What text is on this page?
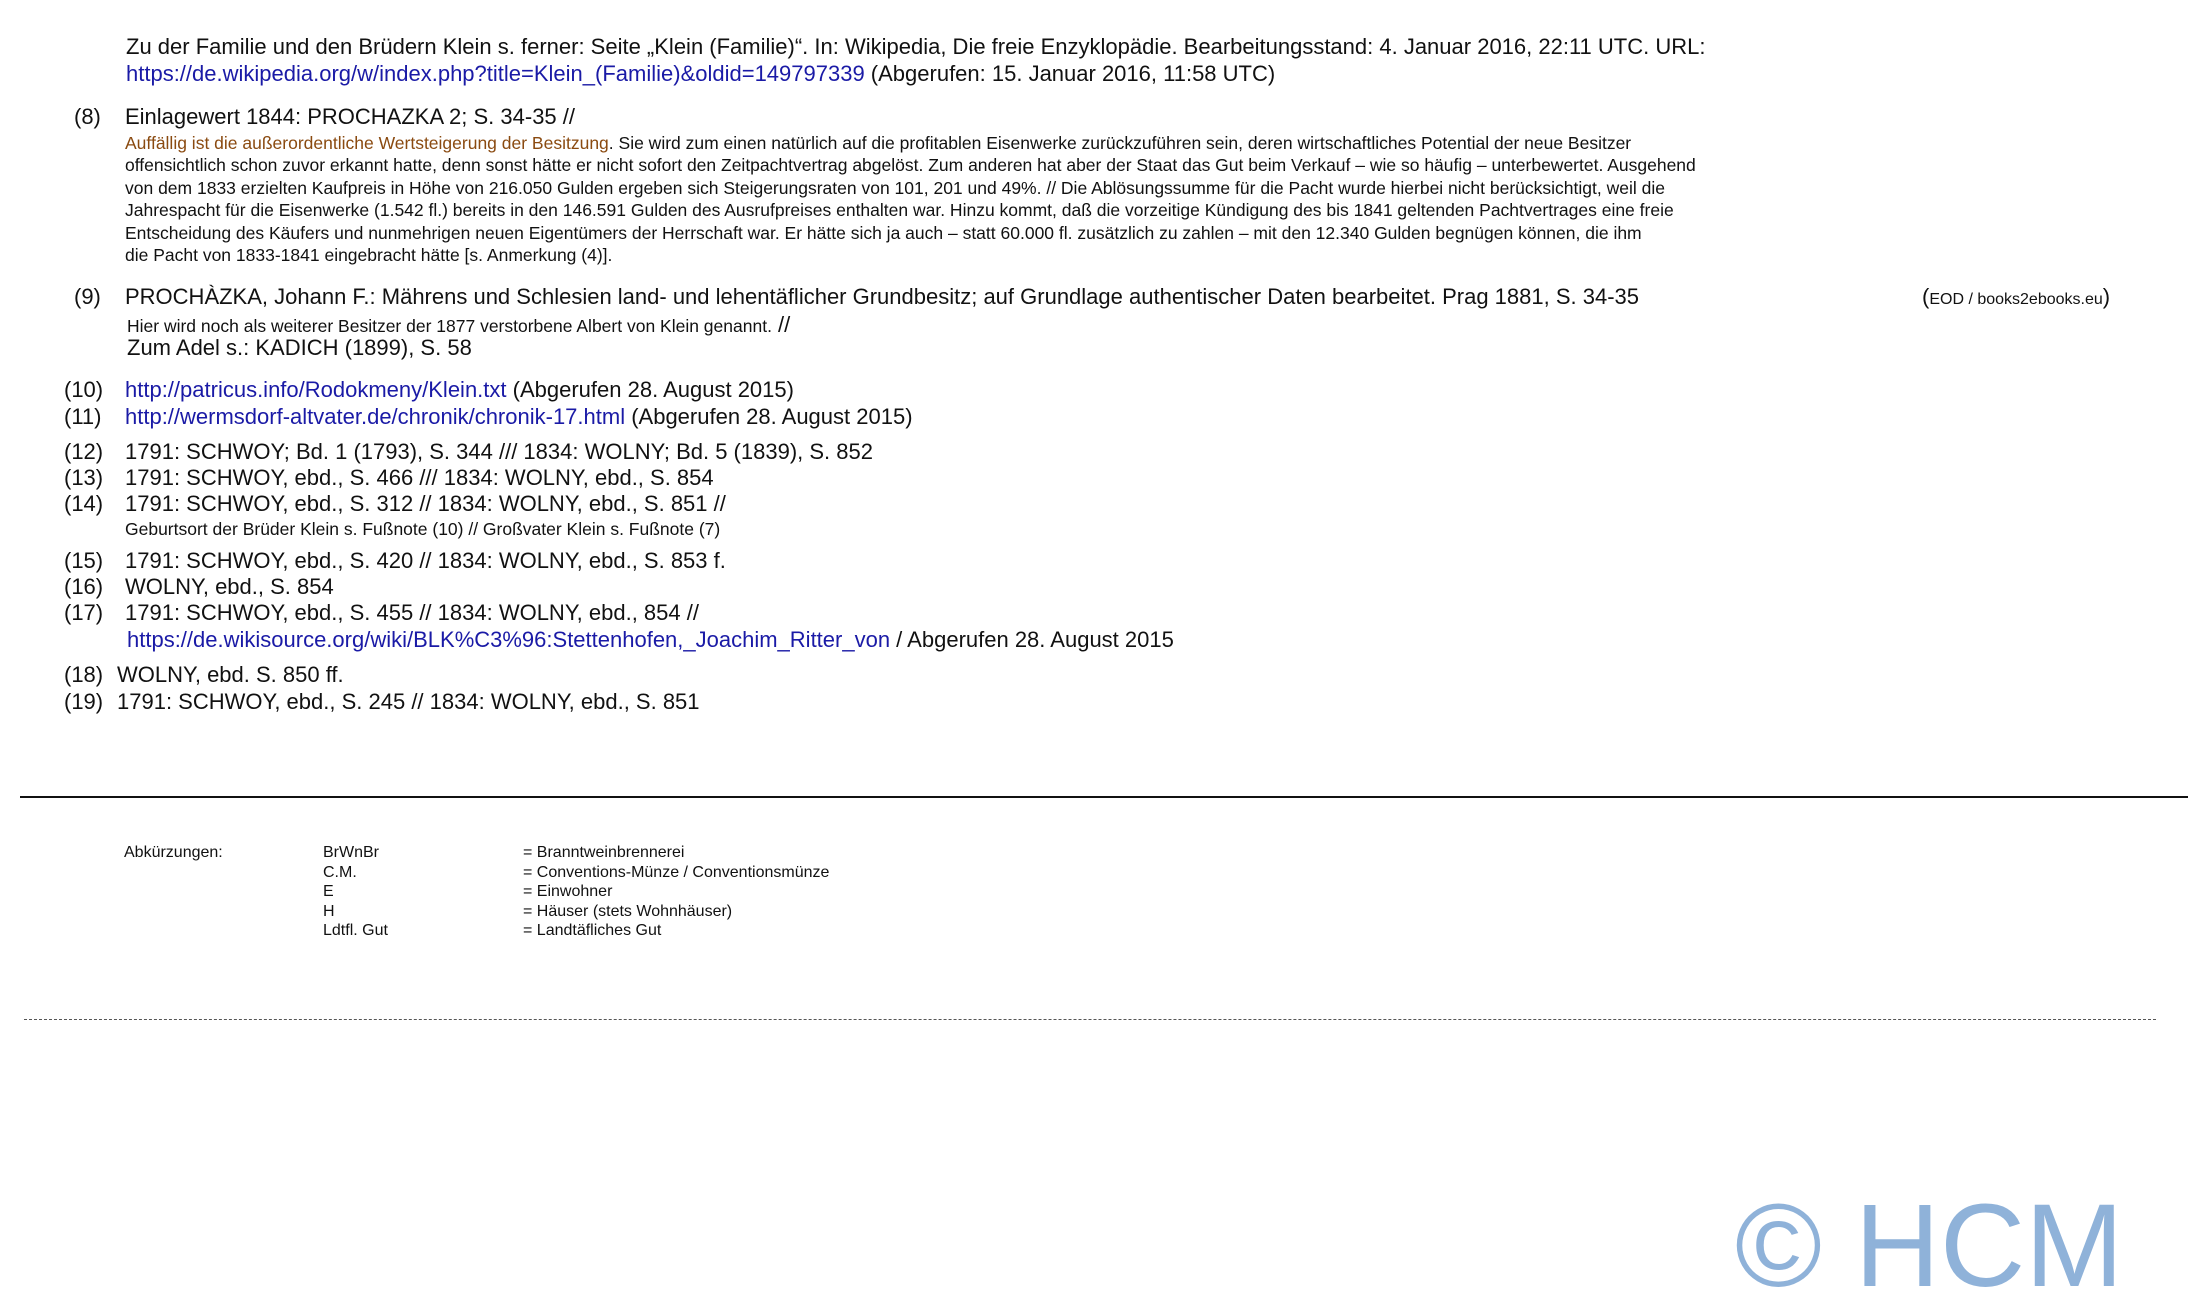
Zu der Familie und den Brüdern Klein s. ferner: Seite „Klein (Familie)“. In: Wikipedia, Die freie Enzyklopädie. Bearbeitungsstand: 4. Januar 2016, 22:11 UTC. URL:
https://de.wikipedia.org/w/index.php?title=Klein_(Familie)&oldid=149797339 (Abgerufen: 15. Januar 2016, 11:58 UTC)
(8) Einlagewert 1844: PROCHAZKA 2; S. 34-35 //
Auffällig ist die außerordentliche Wertsteigerung der Besitzung. Sie wird zum einen natürlich auf die profitablen Eisenwerke zurückzuführen sein, deren wirtschaftliches Potential der neue Besitzer
offensichtlich schon zuvor erkannt hatte, denn sonst hätte er nicht sofort den Zeitpachtvertrag abgelöst. Zum anderen hat aber der Staat das Gut beim Verkauf – wie so häufig – unterbewertet. Ausgehend
von dem 1833 erzielten Kaufpreis in Höhe von 216.050 Gulden ergeben sich Steigerungsraten von 101, 201 und 49%. // Die Ablösungssumme für die Pacht wurde hierbei nicht berücksichtigt, weil die
Jahrespacht für die Eisenwerke (1.542 fl.) bereits in den 146.591 Gulden des Ausrufpreises enthalten war. Hinzu kommt, daß die vorzeitige Kündigung des bis 1841 geltenden Pachtvertrages eine freie
Entscheidung des Käufers und nunmehrigen neuen Eigentümers der Herrschaft war. Er hätte sich ja auch – statt 60.000 fl. zusätzlich zu zahlen – mit den 12.340 Gulden begnügen können, die ihm
die Pacht von 1833-1841 eingebracht hätte [s. Anmerkung (4)].
(9) PROCHÀZKA, Johann F.: Mährens und Schlesien land- und lehentäflicher Grundbesitz; auf Grundlage authentischer Daten bearbeitet. Prag 1881, S. 34-35	(EOD / books2ebooks.eu)
Hier wird noch als weiterer Besitzer der 1877 verstorbene Albert von Klein genannt. //
Zum Adel s.: KADICH (1899), S. 58
(10) http://patricus.info/Rodokmeny/Klein.txt (Abgerufen 28. August 2015)
(11) http://wermsdorf-altvater.de/chronik/chronik-17.html (Abgerufen 28. August 2015)
(12) 1791: SCHWOY; Bd. 1 (1793), S. 344 /// 1834: WOLNY; Bd. 5 (1839), S. 852
(13) 1791: SCHWOY, ebd., S. 466 /// 1834: WOLNY, ebd., S. 854
(14) 1791: SCHWOY, ebd., S. 312 // 1834: WOLNY, ebd., S. 851 //
Geburtsort der Brüder Klein s. Fußnote (10) // Großvater Klein s. Fußnote (7)
(15) 1791: SCHWOY, ebd., S. 420 // 1834: WOLNY, ebd., S. 853 f.
(16) WOLNY, ebd., S. 854
(17) 1791: SCHWOY, ebd., S. 455 // 1834: WOLNY, ebd., 854 //
https://de.wikisource.org/wiki/BLK%C3%96:Stettenhofen,_Joachim_Ritter_von / Abgerufen 28. August 2015
(18) WOLNY, ebd. S. 850 ff.
(19) 1791: SCHWOY, ebd., S. 245 // 1834: WOLNY, ebd., S. 851
Abkürzungen:	BrWnBr	= Branntweinbrennerei
C.M.	= Conventions-Münze / Conventionsmünze
E	= Einwohner
H	= Häuser (stets Wohnhäuser)
Ldtfl. Gut	= Landtäfliches Gut
© HCM
